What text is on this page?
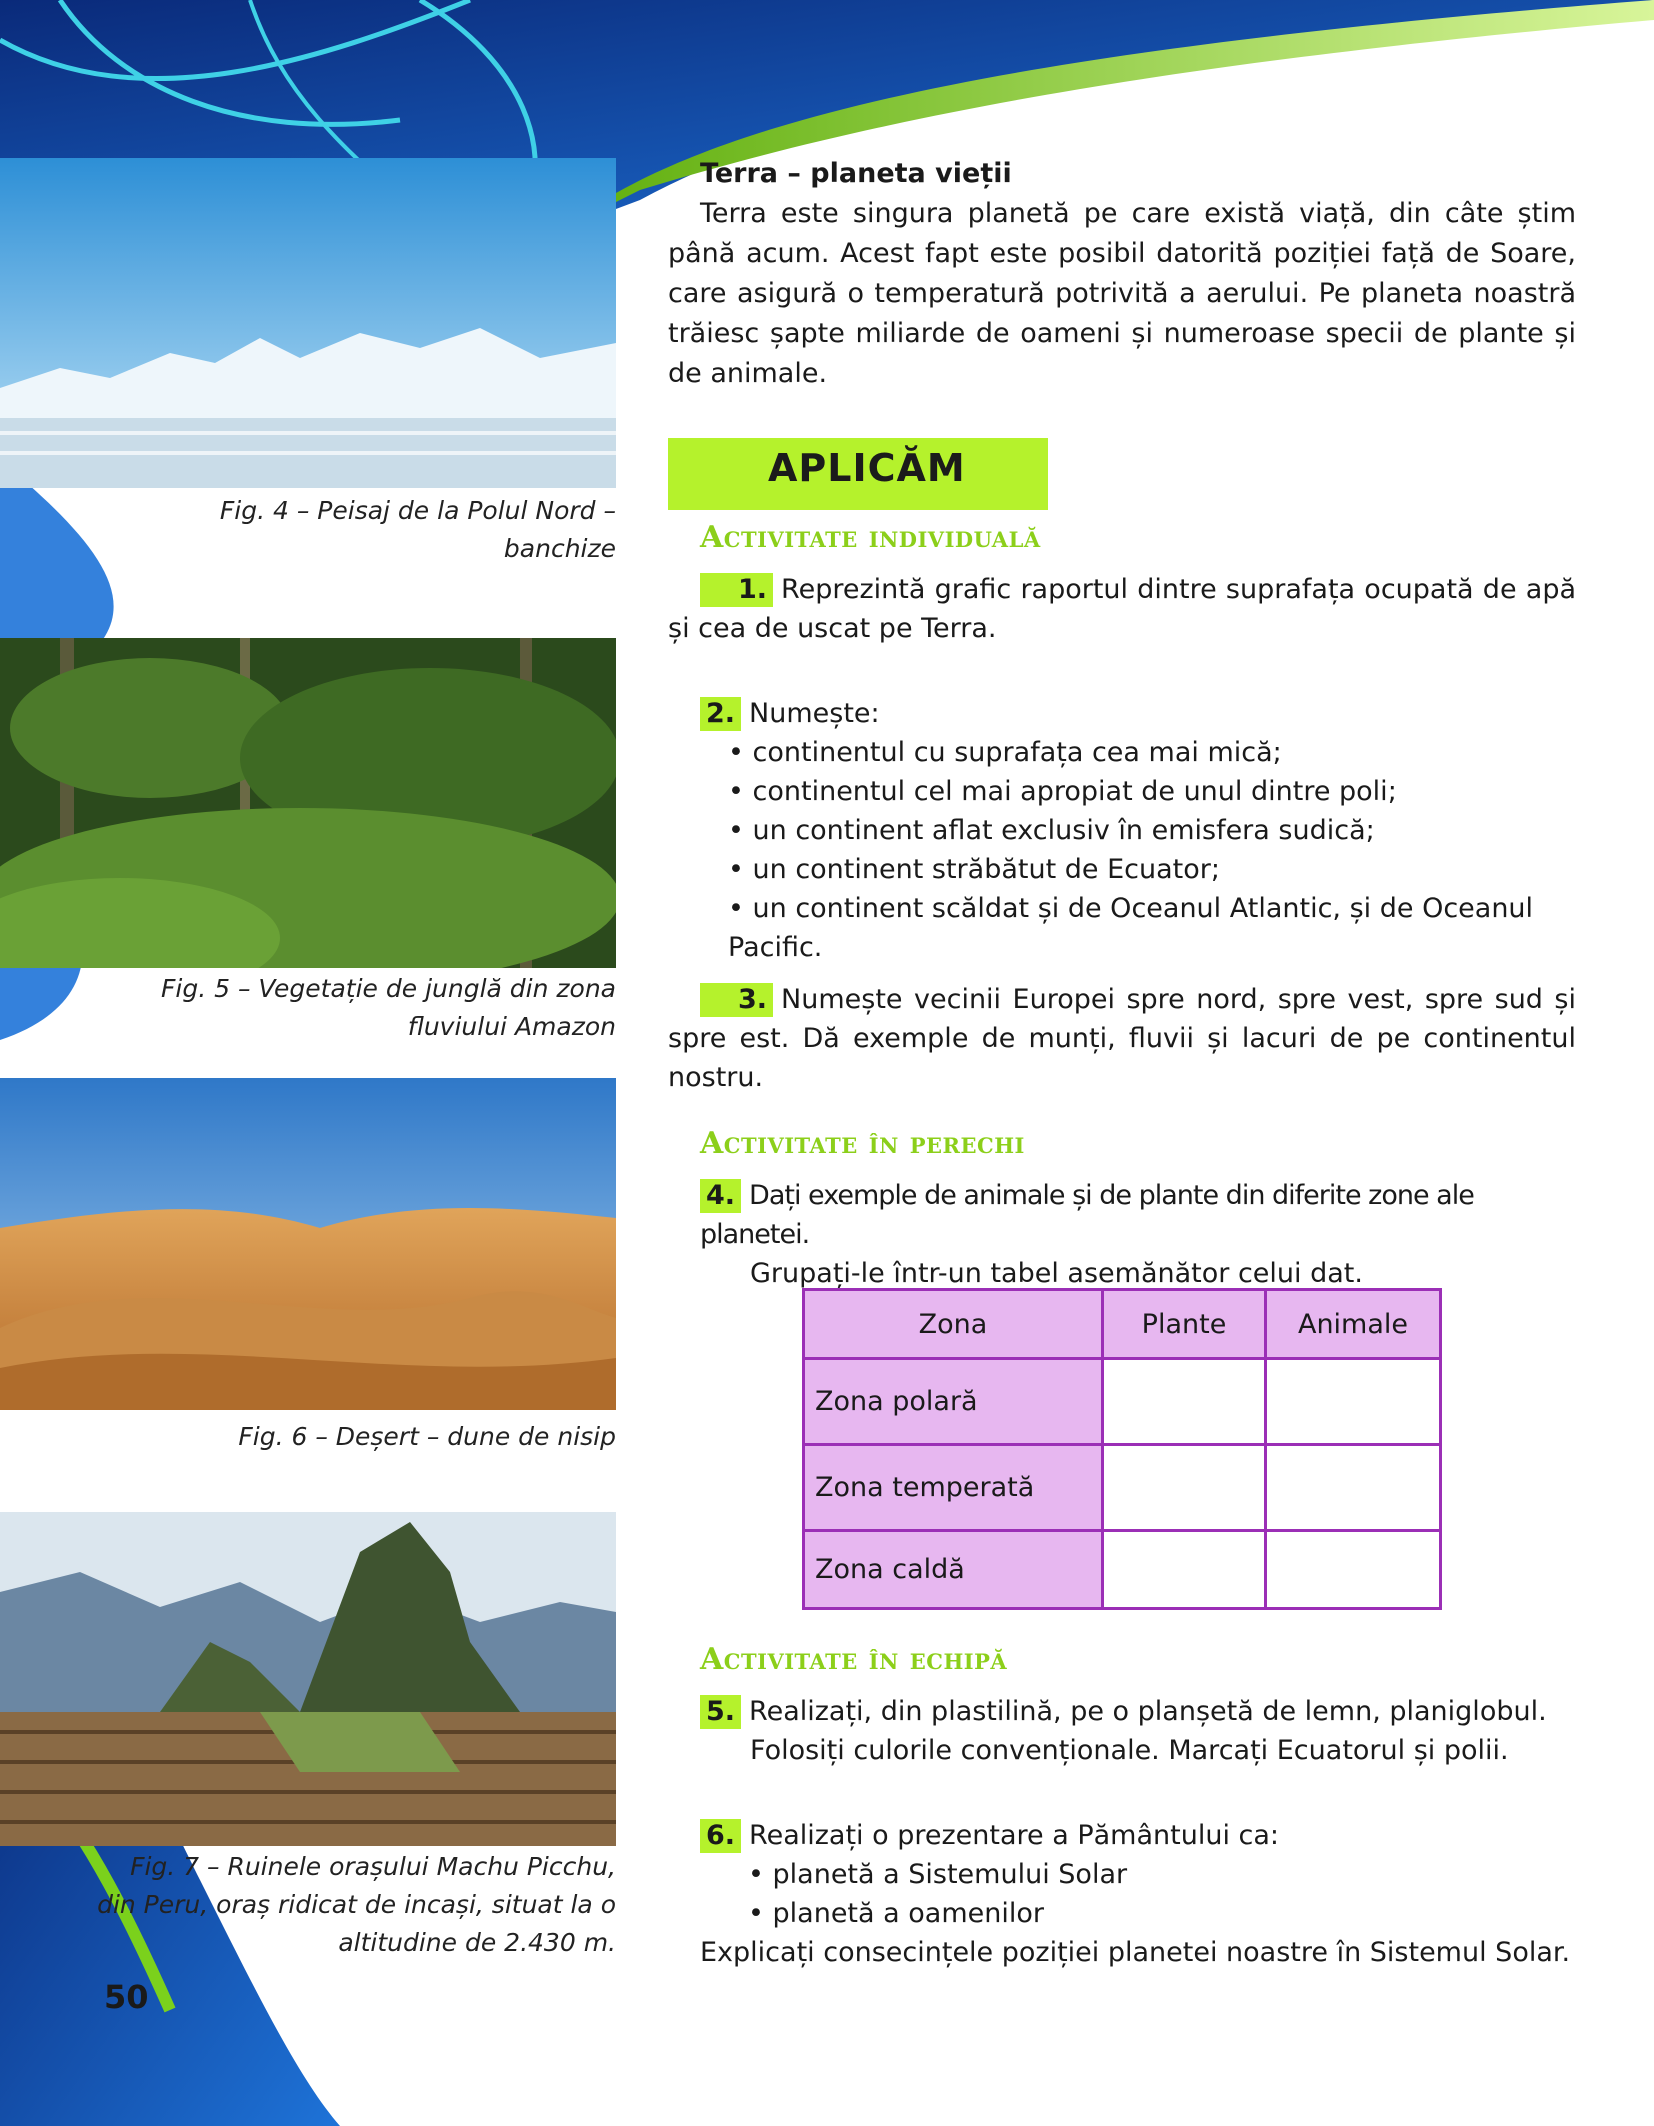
Fig. 4 – Peisaj de la Polul Nord –
banchize
Fig. 5 – Vegetație de junglă din zona
fluviului Amazon
Fig. 6 – Deșert – dune de nisip
Fig. 7 – Ruinele orașului Machu Picchu,
din Peru, oraș ridicat de incași, situat la o
altitudine de 2.430 m.
Terra – planeta vieții
Terra este singura planetă pe care există viață, din câte știm până acum. Acest fapt este posibil datorită poziției față de Soare, care asigură o temperatură potrivită a aerului. Pe planeta noastră trăiesc șapte miliarde de oameni și numeroase specii de plante și de animale.
APLICĂM
Activitate individuală
1. Reprezintă grafic raportul dintre suprafața ocupată de apă și cea de uscat pe Terra.
2. Numește:
• continentul cu suprafața cea mai mică;
• continentul cel mai apropiat de unul dintre poli;
• un continent aflat exclusiv în emisfera sudică;
• un continent străbătut de Ecuator;
• un continent scăldat și de Oceanul Atlantic, și de Oceanul Pacific.
3. Numește vecinii Europei spre nord, spre vest, spre sud și spre est. Dă exemple de munți, fluvii și lacuri de pe continentul nostru.
Activitate în perechi
4. Dați exemple de animale și de plante din diferite zone ale planetei.
Grupați-le într-un tabel asemănător celui dat.
Zona	Plante	Animale
Zona polară		
Zona temperată		
Zona caldă		
Activitate în echipă
5. Realizați, din plastilină, pe o planșetă de lemn, planiglobul.
Folosiți culorile convenționale. Marcați Ecuatorul și polii.
6. Realizați o prezentare a Pământului ca:
• planetă a Sistemului Solar
• planetă a oamenilor
Explicați consecințele poziției planetei noastre în Sistemul Solar.
50
